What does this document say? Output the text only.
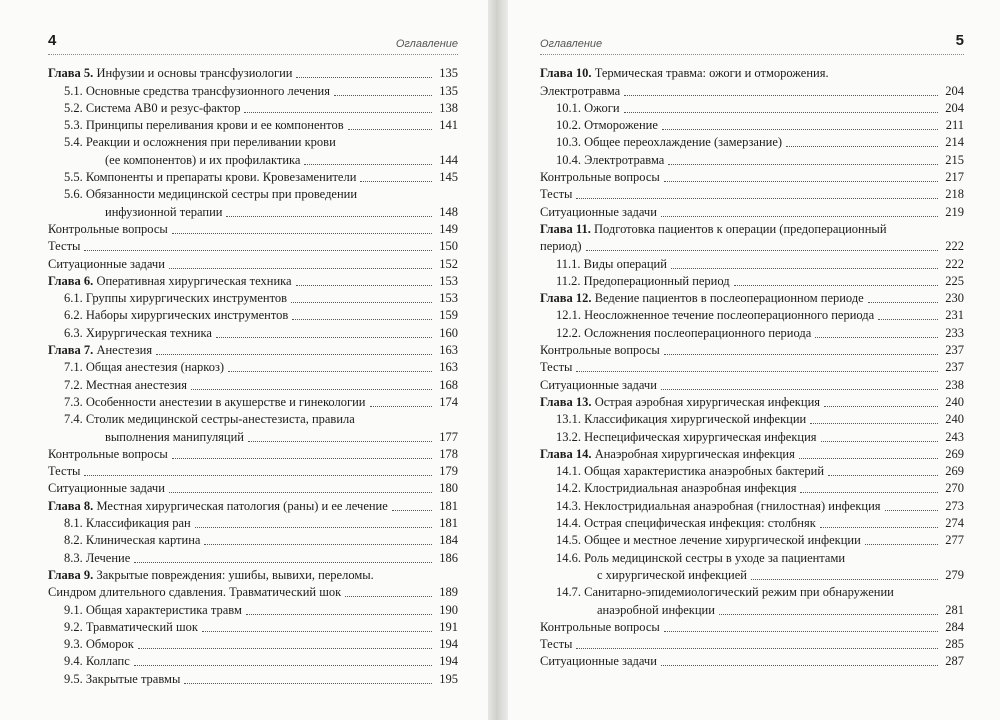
4	Оглавление
Глава 5. Инфузии и основы трансфузиологии	135
5.1. Основные средства трансфузионного лечения	135
5.2. Система АВ0 и резус-фактор	138
5.3. Принципы переливания крови и ее компонентов	141
5.4. Реакции и осложнения при переливании крови
(ее компонентов) и их профилактика	144
5.5. Компоненты и препараты крови. Кровезаменители	145
5.6. Обязанности медицинской сестры при проведении
инфузионной терапии	148
Контрольные вопросы	149
Тесты	150
Ситуационные задачи	152
Глава 6. Оперативная хирургическая техника	153
6.1. Группы хирургических инструментов	153
6.2. Наборы хирургических инструментов	159
6.3. Хирургическая техника	160
Глава 7. Анестезия	163
7.1. Общая анестезия (наркоз)	163
7.2. Местная анестезия	168
7.3. Особенности анестезии в акушерстве и гинекологии	174
7.4. Столик медицинской сестры-анестезиста, правила
выполнения манипуляций	177
Контрольные вопросы	178
Тесты	179
Ситуационные задачи	180
Глава 8. Местная хирургическая патология (раны) и ее лечение	181
8.1. Классификация ран	181
8.2. Клиническая картина	184
8.3. Лечение	186
Глава 9. Закрытые повреждения: ушибы, вывихи, переломы.
Синдром длительного сдавления. Травматический шок	189
9.1. Общая характеристика травм	190
9.2. Травматический шок	191
9.3. Обморок	194
9.4. Коллапс	194
9.5. Закрытые травмы	195
Оглавление	5
Глава 10. Термическая травма: ожоги и отморожения.
Электротравма	204
10.1. Ожоги	204
10.2. Отморожение	211
10.3. Общее переохлаждение (замерзание)	214
10.4. Электротравма	215
Контрольные вопросы	217
Тесты	218
Ситуационные задачи	219
Глава 11. Подготовка пациентов к операции (предоперационный
период)	222
11.1. Виды операций	222
11.2. Предоперационный период	225
Глава 12. Ведение пациентов в послеоперационном периоде	230
12.1. Неосложненное течение послеоперационного периода	231
12.2. Осложнения послеоперационного периода	233
Контрольные вопросы	237
Тесты	237
Ситуационные задачи	238
Глава 13. Острая аэробная хирургическая инфекция	240
13.1. Классификация хирургической инфекции	240
13.2. Неспецифическая хирургическая инфекция	243
Глава 14. Анаэробная хирургическая инфекция	269
14.1. Общая характеристика анаэробных бактерий	269
14.2. Клостридиальная анаэробная инфекция	270
14.3. Неклостридиальная анаэробная (гнилостная) инфекция	273
14.4. Острая специфическая инфекция: столбняк	274
14.5. Общее и местное лечение хирургической инфекции	277
14.6. Роль медицинской сестры в уходе за пациентами
с хирургической инфекцией	279
14.7. Санитарно-эпидемиологический режим при обнаружении
анаэробной инфекции	281
Контрольные вопросы	284
Тесты	285
Ситуационные задачи	287
